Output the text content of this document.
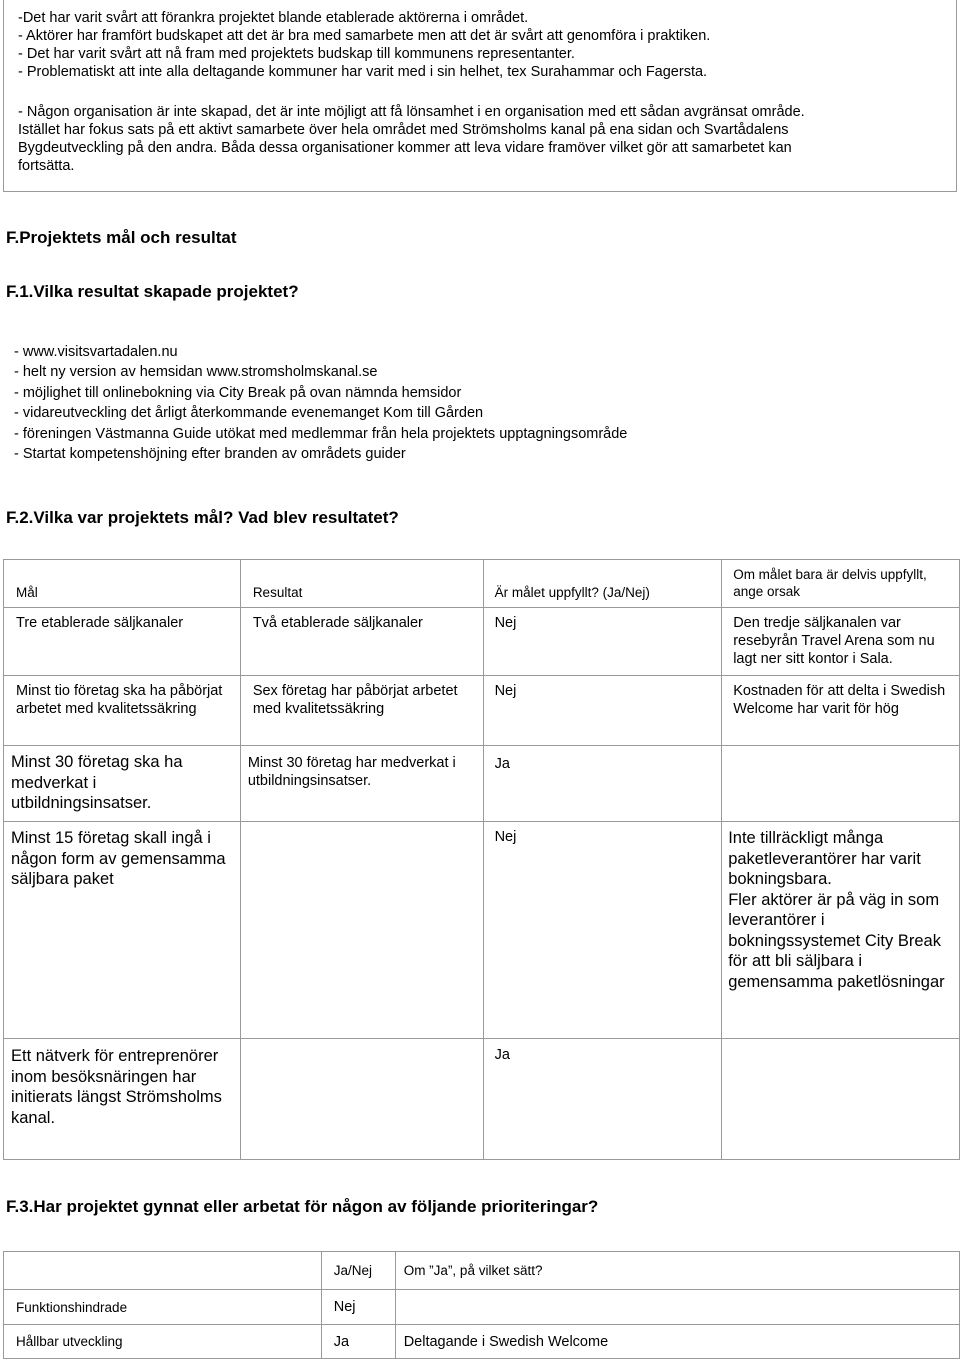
-Det har varit svårt att förankra projektet blande etablerade aktörerna i området.
- Aktörer har framfört budskapet att det är bra med samarbete men att det är svårt att genomföra i praktiken.
- Det har varit svårt att nå fram med projektets budskap till kommunens representanter.
- Problematiskt att inte alla deltagande kommuner har varit med i sin helhet, tex Surahammar och Fagersta.
- Någon organisation är inte skapad, det är inte möjligt att få lönsamhet i en organisation med ett sådan avgränsat område.
Istället har fokus sats på ett aktivt samarbete över hela området med Strömsholms kanal på ena sidan och Svartådalens
Bygdeutveckling på den andra. Båda dessa organisationer kommer att leva vidare framöver vilket gör att samarbetet kan
fortsätta.
F.Projektets mål och resultat
F.1.Vilka resultat skapade projektet?
- www.visitsvartadalen.nu
- helt ny version av hemsidan www.stromsholmskanal.se
- möjlighet till onlinebokning via City Break på ovan nämnda hemsidor
- vidareutveckling det årligt återkommande evenemanget Kom till Gården
- föreningen Västmanna Guide utökat med medlemmar från hela projektets upptagningsområde
- Startat kompetenshöjning efter branden av områdets guider
F.2.Vilka var projektets mål? Vad blev resultatet?
Mål	Resultat	Är målet uppfyllt? (Ja/Nej)	Om målet bara är delvis uppfyllt, ange orsak
Tre etablerade säljkanaler	Två etablerade säljkanaler	Nej	Den tredje säljkanalen var resebyrån Travel Arena som nu lagt ner sitt kontor i Sala.
Minst tio företag ska ha påbörjat arbetet med kvalitetssäkring	Sex företag har påbörjat arbetet med kvalitetssäkring	Nej	Kostnaden för att delta i Swedish Welcome har varit för hög
Minst 30 företag ska ha medverkat i utbildningsinsatser.	Minst 30 företag har medverkat i utbildningsinsatser.	Ja	
Minst 15 företag skall ingå i någon form av gemensamma säljbara paket		Nej	Inte tillräckligt många paketleverantörer har varit bokningsbara.
Fler aktörer är på väg in som leverantörer i bokningssystemet City Break för att bli säljbara i gemensamma paketlösningar

Ett nätverk för entreprenörer inom besöksnäringen har initierats längst Strömsholms kanal.		Ja	
F.3.Har projektet gynnat eller arbetat för någon av följande prioriteringar?
	Ja/Nej	Om ”Ja”, på vilket sätt?
Funktionshindrade	Nej	
Hållbar utveckling	Ja	Deltagande i Swedish Welcome
